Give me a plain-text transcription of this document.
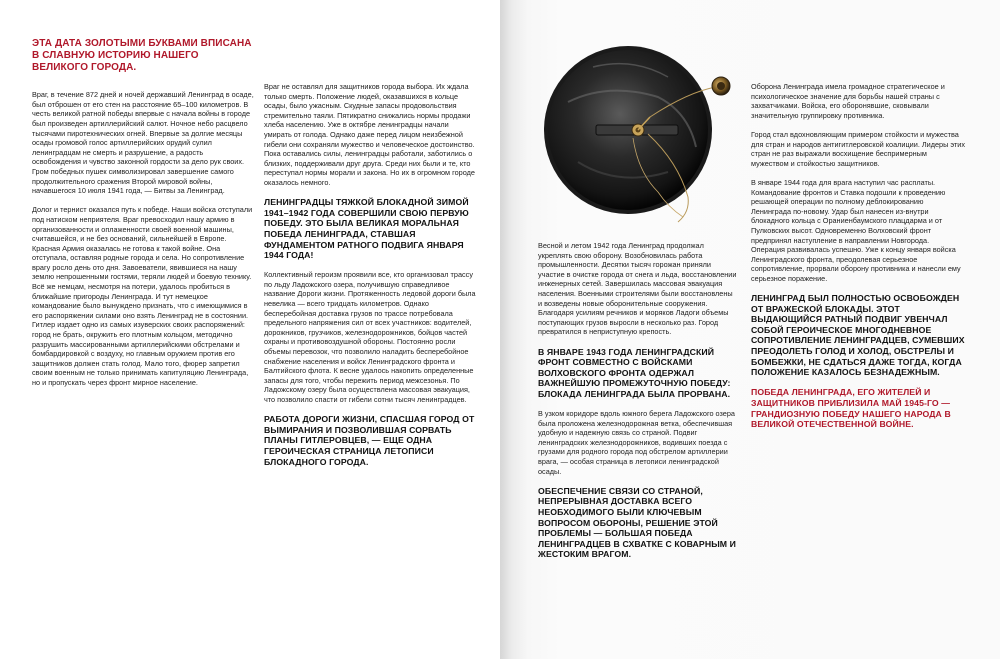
ЭТА ДАТА ЗОЛОТЫМИ БУКВАМИ ВПИСАНА В СЛАВНУЮ ИСТОРИЮ НАШЕГО ВЕЛИКОГО ГОРОДА.

Враг, в течение 872 дней и ночей державший Ленинград в осаде, был отброшен от его стен на расстояние 65–100 километров. В честь великой ратной победы впервые с начала войны в городе был произведен артиллерийский салют. Ночное небо расцвело тысячами пиротехнических огней. Впервые за долгие месяцы осады громовой голос артиллерийских орудий сулил ленинградцам не смерть и разрушение, а радость освобождения и чувство законной гордости за дело рук своих. Гром победных пушек символизировал завершение самого продолжительного сражения Второй мировой войны, начавшегося 10 июля 1941 года, — Битвы за Ленинград.

Долог и тернист оказался путь к победе. Наши войска отступали под натиском неприятеля. Враг превосходил нашу армию в организованности и оплаженности своей военной машины, считавшейся, и не без оснований, сильнейшей в Европе. Красная Армия оказалась не готова к такой войне. Она отступала, оставляя родные города и села. Но сопротивление врагу росло день ото дня. Завоеватели, явившиеся на нашу землю непрошенными гостями, теряли людей и боевую технику. Всё же немцам, несмотря на потери, удалось пробиться в ближайшие пригороды Ленинграда. И тут немецкое командование было вынуждено признать, что с имеющимися в его распоряжении силами оно взять Ленинград не в состоянии. Гитлер издает одно из самых изуверских своих распоряжений: город не брать, окружить его плотным кольцом, методично разрушить массированными артиллерийскими обстрелами и бомбардировкой с воздуху, но главным оружием против его защитников должен стать голод. Мало того, фюрер запретил своим военным не только принимать капитуляцию Ленинграда, но и пропускать через фронт мирное население.

Враг не оставлял для защитников города выбора. Их ждала только смерть. Положение людей, оказавшихся в кольце осады, было ужасным. Скудные запасы продовольствия стремительно таяли. Пятикратно снижались нормы продажи хлеба населению. Уже в октябре ленинградцы начали умирать от голода. Однако даже перед лицом неизбежной гибели они сохраняли мужество и человеческое достоинство. Пока оставались силы, ленинградцы работали, заботились о близких, поддерживали друг друга. Среди них были и те, кто переступал нормы морали и закона. Но их в огромном городе оказалось немного.

ЛЕНИНГРАДЦЫ ТЯЖКОЙ БЛОКАДНОЙ ЗИМОЙ 1941–1942 ГОДА СОВЕРШИЛИ СВОЮ ПЕРВУЮ ПОБЕДУ. ЭТО БЫЛА ВЕЛИКАЯ МОРАЛЬНАЯ ПОБЕДА ЛЕНИНГРАДА, СТАВШАЯ ФУНДАМЕНТОМ РАТНОГО ПОДВИГА ЯНВАРЯ 1944 ГОДА!

Коллективный героизм проявили все, кто организовал трассу по льду Ладожского озера, получившую справедливое название Дороги жизни. Протяженность ледовой дороги была невелика — всего тридцать километров. Однако бесперебойная доставка грузов по трассе потребовала предельного напряжения сил от всех участников: водителей, дорожников, грузчиков, железнодорожников, бойцов частей охраны и противовоздушной обороны. Постоянно росли объемы перевозок, что позволило наладить бесперебойное снабжение населения и войск Ленинградского фронта и Балтийского флота. К весне удалось накопить определенные запасы для того, чтобы пережить период межсезонья. По Ладожскому озеру была осуществлена массовая эвакуация, что позволило спасти от гибели сотни тысяч ленинградцев.

РАБОТА ДОРОГИ ЖИЗНИ, СПАСШАЯ ГОРОД ОТ ВЫМИРАНИЯ И ПОЗВОЛИВШАЯ СОРВАТЬ ПЛАНЫ ГИТЛЕРОВЦЕВ, — ЕЩЕ ОДНА ГЕРОИЧЕСКАЯ СТРАНИЦА ЛЕТОПИСИ БЛОКАДНОГО ГОРОДА.

Весной и летом 1942 года Ленинград продолжал укреплять свою оборону. Возобновилась работа промышленности. Десятки тысяч горожан приняли участие в очистке города от снега и льда, восстановлении инженерных сетей. Завершилась массовая эвакуация населения. Военными строителями были восстановлены и возведены новые оборонительные сооружения. Благодаря усилиям речников и моряков Ладоги объемы поступающих грузов выросли в несколько раз. Город превратился в неприступную крепость.

В ЯНВАРЕ 1943 ГОДА ЛЕНИНГРАДСКИЙ ФРОНТ СОВМЕСТНО С ВОЙСКАМИ ВОЛХОВСКОГО ФРОНТА ОДЕРЖАЛ ВАЖНЕЙШУЮ ПРОМЕЖУТОЧНУЮ ПОБЕДУ: БЛОКАДА ЛЕНИНГРАДА БЫЛА ПРОРВАНА.

В узком коридоре вдоль южного берега Ладожского озера была проложена железнодорожная ветка, обеспечившая удобную и надежную связь со страной. Подвиг ленинградских железнодорожников, водивших поезда с грузами для родного города под обстрелом артиллерии врага, — особая страница в летописи ленинградской осады.

ОБЕСПЕЧЕНИЕ СВЯЗИ СО СТРАНОЙ, НЕПРЕРЫВНАЯ ДОСТАВКА ВСЕГО НЕОБХОДИМОГО БЫЛИ КЛЮЧЕВЫМ ВОПРОСОМ ОБОРОНЫ, РЕШЕНИЕ ЭТОЙ ПРОБЛЕМЫ — БОЛЬШАЯ ПОБЕДА ЛЕНИНГРАДЦЕВ В СХВАТКЕ С КОВАРНЫМ И ЖЕСТОКИМ ВРАГОМ.

Оборона Ленинграда имела громадное стратегическое и психологическое значение для борьбы нашей страны с захватчиками. Войска, его оборонявшие, сковывали значительную группировку противника.

Город стал вдохновляющим примером стойкости и мужества для стран и народов антигитлеровской коалиции. Лидеры этих стран не раз выражали восхищение беспримерным мужеством и стойкостью защитников.

В январе 1944 года для врага наступил час расплаты. Командование фронтов и Ставка подошли к проведению решающей операции по полному деблокированию Ленинграда по-новому. Удар был нанесен из-внутри блокадного кольца с Ораниенбаумского плацдарма и от Пулковских высот. Одновременно Волховский фронт предпринял наступление в направлении Новгорода. Операция развивалась успешно. Уже к концу января войска Ленинградского фронта, преодолевая серьезное сопротивление, прорвали оборону противника и нанесли ему серьезное поражение.

ЛЕНИНГРАД БЫЛ ПОЛНОСТЬЮ ОСВОБОЖДЕН ОТ ВРАЖЕСКОЙ БЛОКАДЫ. ЭТОТ ВЫДАЮЩИЙСЯ РАТНЫЙ ПОДВИГ УВЕНЧАЛ СОБОЙ ГЕРОИЧЕСКОЕ МНОГОДНЕВНОЕ СОПРОТИВЛЕНИЕ ЛЕНИНГРАДЦЕВ, СУМЕВШИХ ПРЕОДОЛЕТЬ ГОЛОД И ХОЛОД, ОБСТРЕЛЫ И БОМБЕЖКИ, НЕ СДАТЬСЯ ДАЖЕ ТОГДА, КОГДА ПОЛОЖЕНИЕ КАЗАЛОСЬ БЕЗНАДЕЖНЫМ.

ПОБЕДА ЛЕНИНГРАДА, ЕГО ЖИТЕЛЕЙ И ЗАЩИТНИКОВ ПРИБЛИЗИЛА МАЙ 1945-ГО — ГРАНДИОЗНУЮ ПОБЕДУ НАШЕГО НАРОДА В ВЕЛИКОЙ ОТЕЧЕСТВЕННОЙ ВОЙНЕ.
